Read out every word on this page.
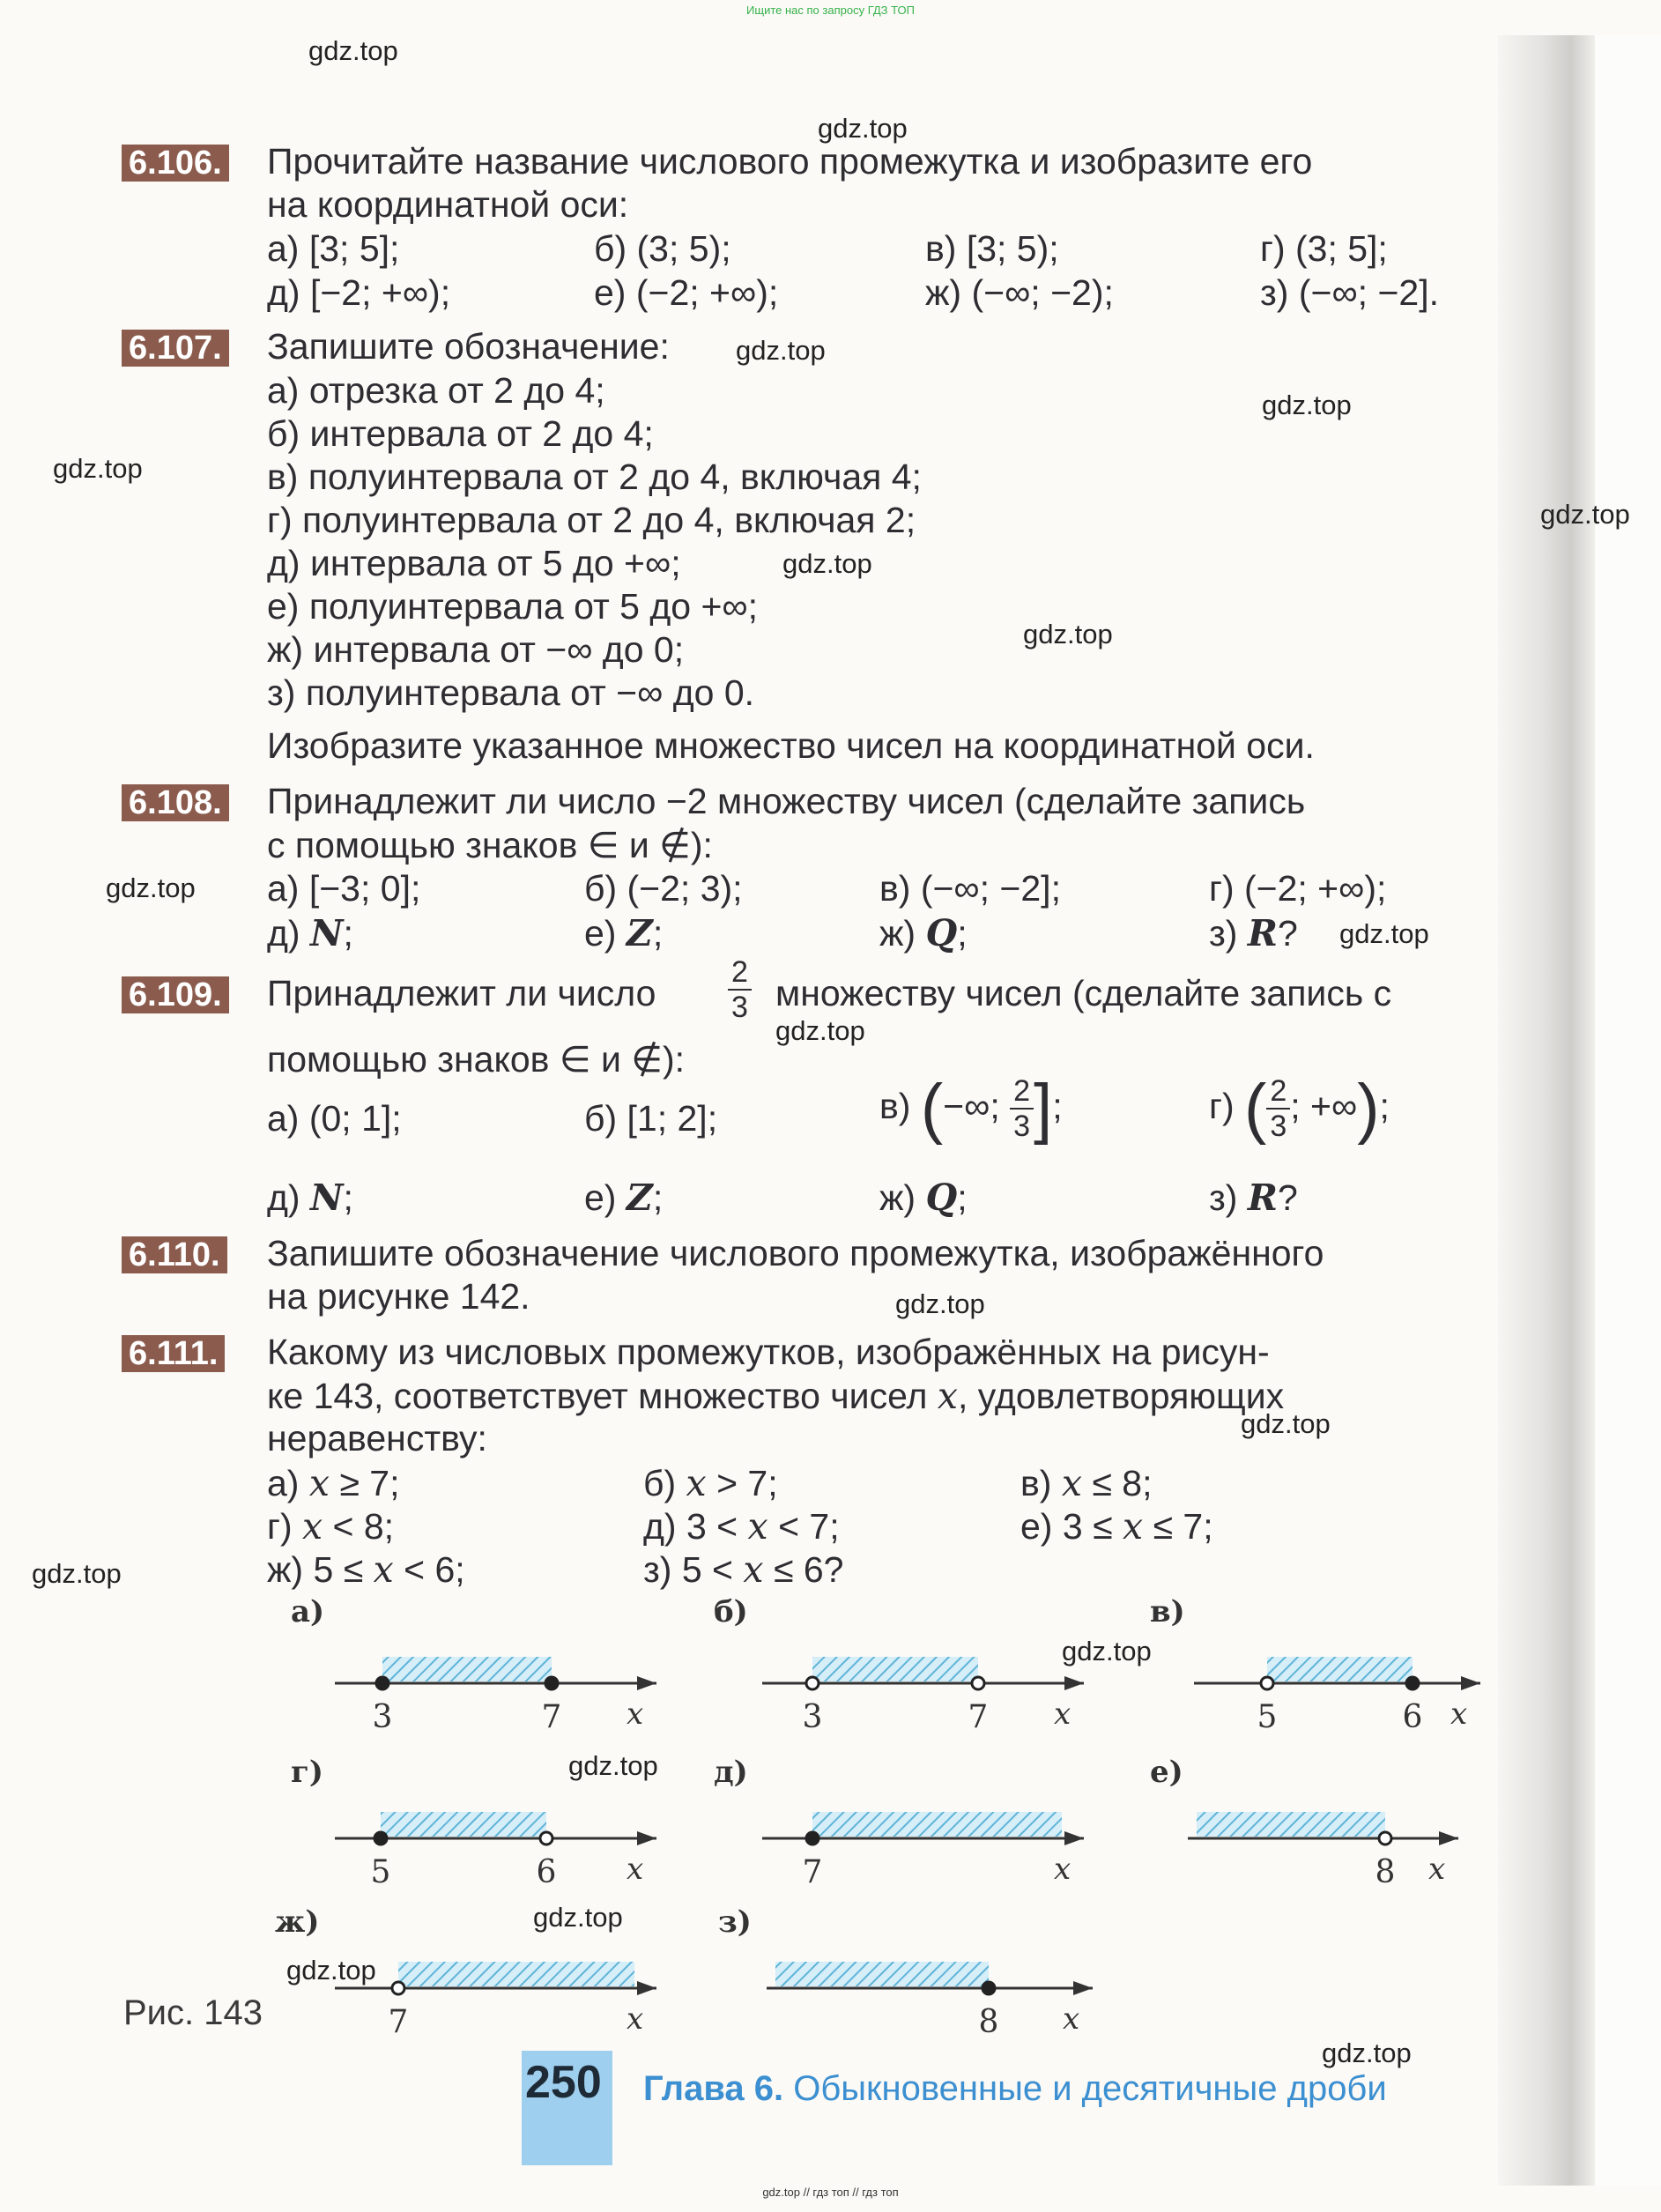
Ищите нас по запросу ГДЗ ТОП
gdz.top
gdz.top
gdz.top
gdz.top
gdz.top
gdz.top
gdz.top
gdz.top
gdz.top
gdz.top
gdz.top
gdz.top
gdz.top
gdz.top
gdz.top
gdz.top
gdz.top
gdz.top
gdz.top
6.106. Прочитайте название числового промежутка и изобразите его
на координатной оси:
а) [3; 5];	б) (3; 5);	в) [3; 5);	г) (3; 5];
д) [−2; +∞);	е) (−2; +∞);	ж) (−∞; −2);	з) (−∞; −2].
6.107. Запишите обозначение:
а) отрезка от 2 до 4;
б) интервала от 2 до 4;
в) полуинтервала от 2 до 4, включая 4;
г) полуинтервала от 2 до 4, включая 2;
д) интервала от 5 до +∞;
е) полуинтервала от 5 до +∞;
ж) интервала от −∞ до 0;
з) полуинтервала от −∞ до 0.
Изобразите указанное множество чисел на координатной оси.
6.108. Принадлежит ли число −2 множеству чисел (сделайте запись
с помощью знаков ∈ и ∉):
а) [−3; 0];	б) (−2; 3);	в) (−∞; −2];	г) (−2; +∞);
д) N;	е) Z;	ж) Q;	з) R?
6.109. Принадлежит ли число $\frac{2}{3}$ множеству чисел (сделайте запись с
помощью знаков ∈ и ∉):
а) (0; 1];	б) [1; 2];	в) (−∞; $\frac{2}{3}$ ];	г) ( $\frac{2}{3}$ ; +∞);
д) N;	е) Z;	ж) Q;	з) R?
6.110. Запишите обозначение числового промежутка, изображённого
на рисунке 142.
6.111. Какому из числовых промежутков, изображённых на рисун-
ке 143, соответствует множество чисел x, удовлетворяющих
неравенству:
а) x ≥ 7;	б) x > 7;	в) x ≤ 8;
г) x < 8;	д) 3 < x < 7;	е) 3 ≤ x ≤ 7;
ж) 5 ≤ x < 6;	з) 5 < x ≤ 6?
а)
x
3	7
б)
x
3	7
в)
x
5	6
г)
x
5	6
д)
x
7
е)
x
8
ж)
x
7
з)
x
8
Рис. 143
250 Глава 6. Обыкновенные и десятичные дроби
gdz.top // гдз топ // гдз топ
